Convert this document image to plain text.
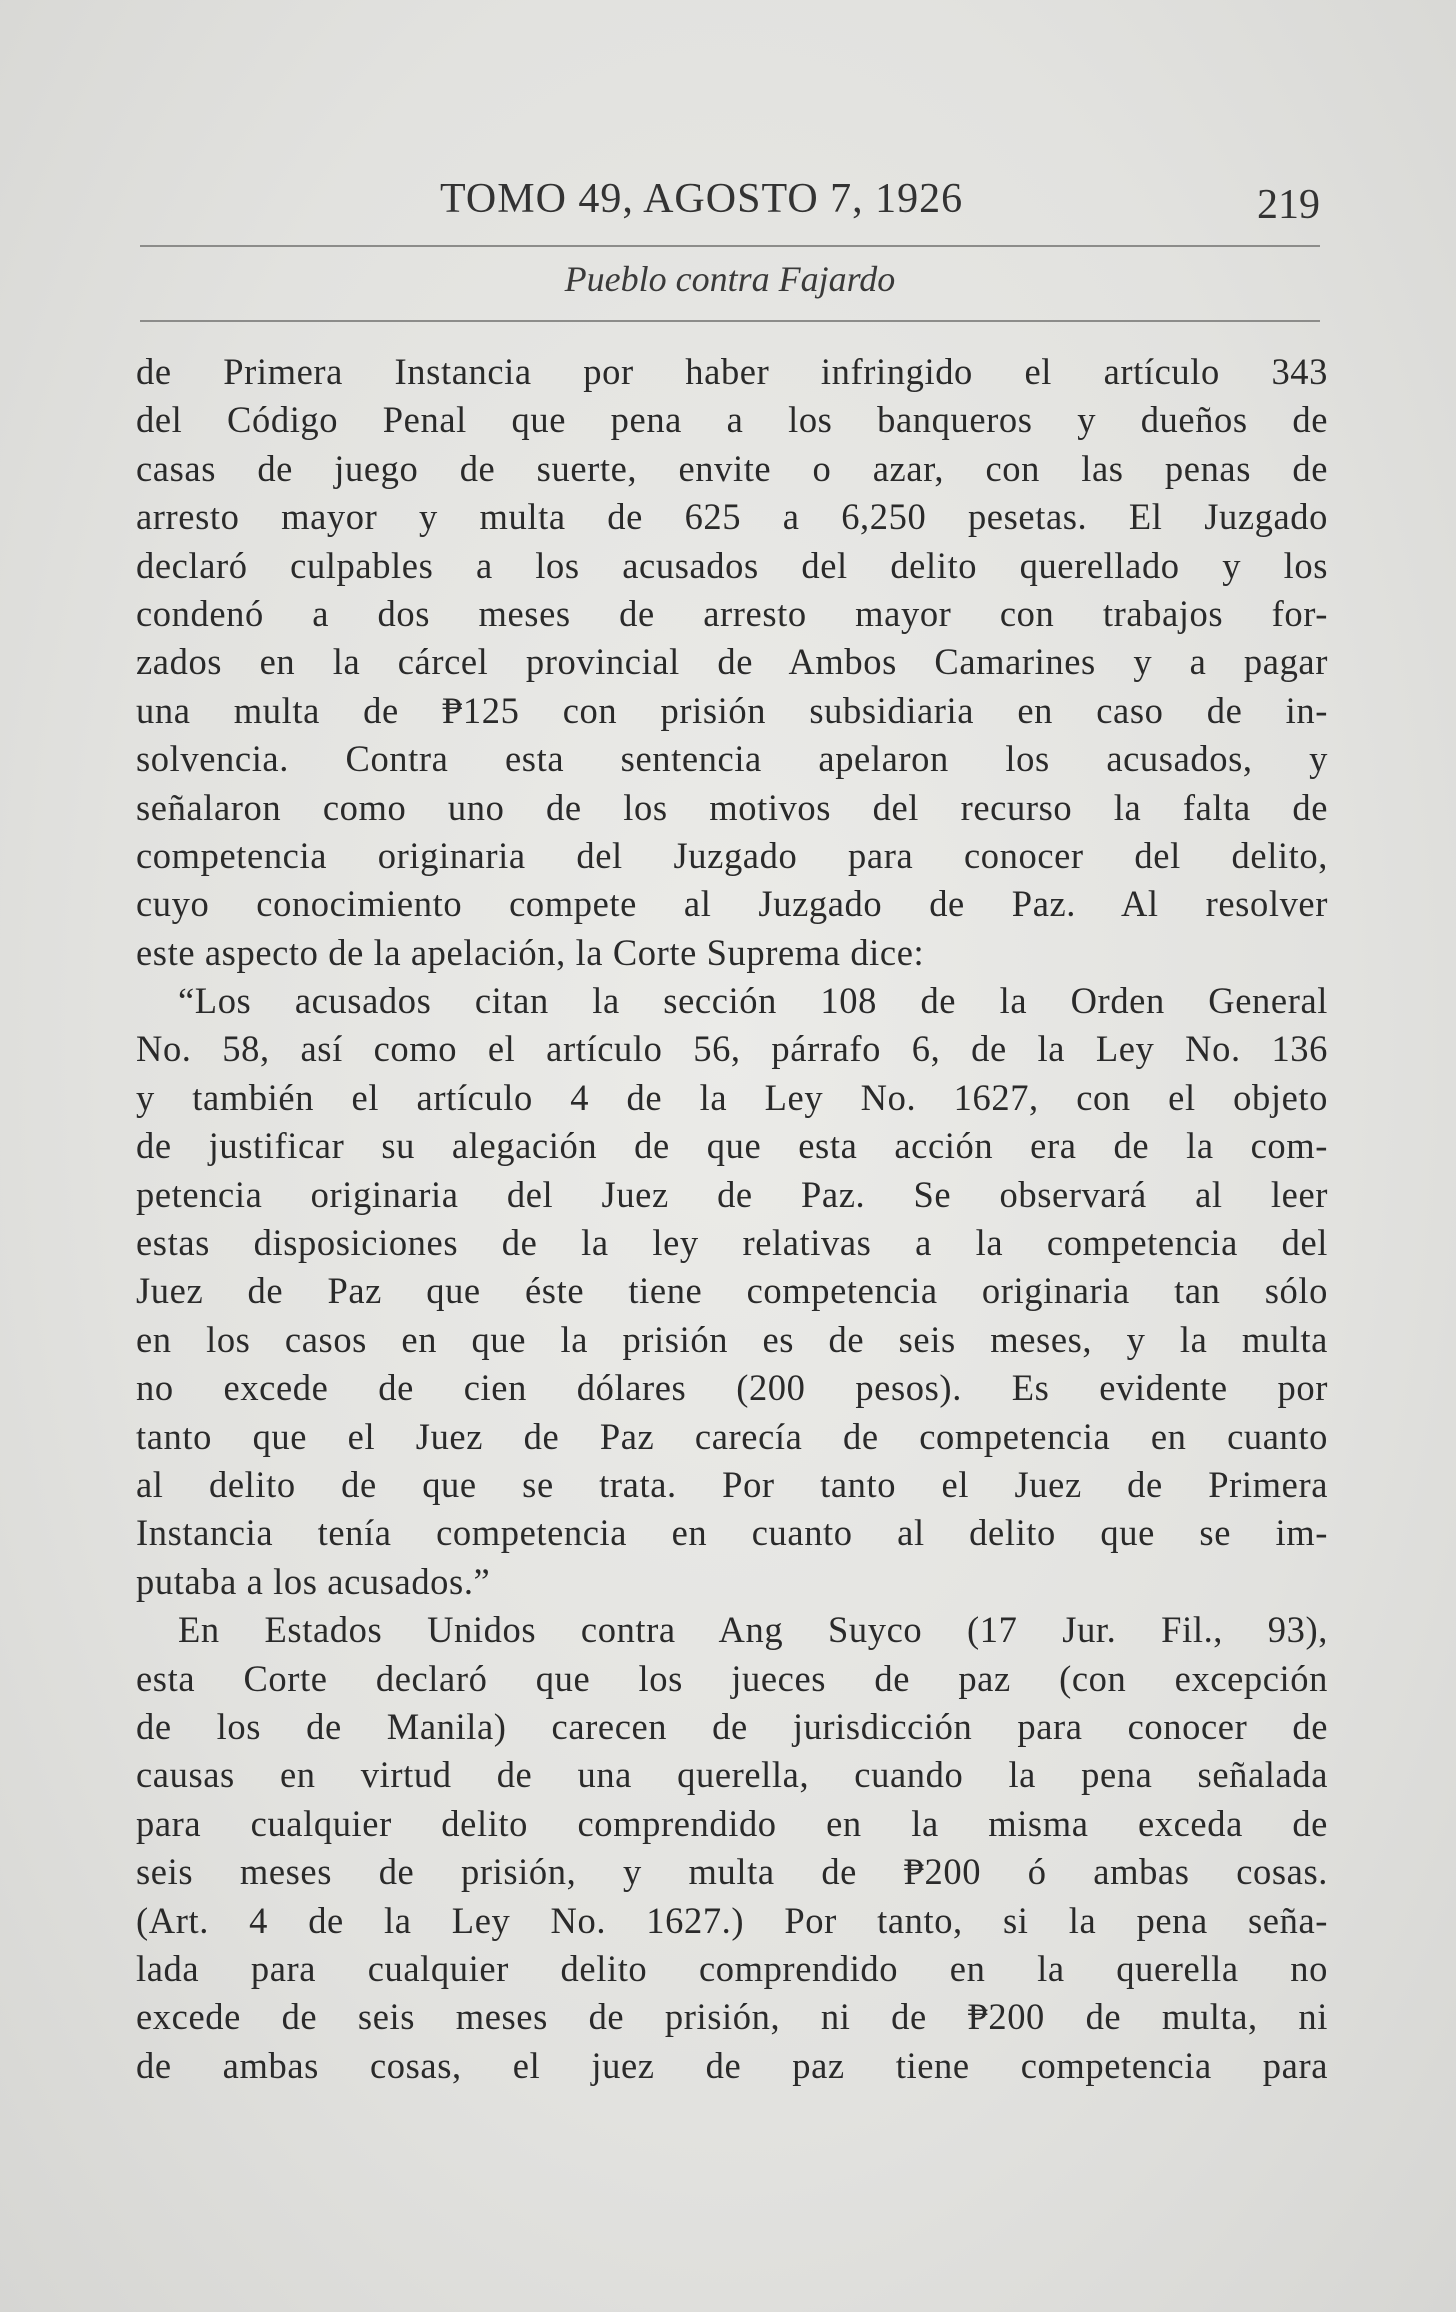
TOMO 49, AGOSTO 7, 1926	219
Pueblo contra Fajardo
de Primera Instancia por haber infringido el artículo 343
del Código Penal que pena a los banqueros y dueños de
casas de juego de suerte, envite o azar, con las penas de
arresto mayor y multa de 625 a 6,250 pesetas. El Juzgado
declaró culpables a los acusados del delito querellado y los
condenó a dos meses de arresto mayor con trabajos for-
zados en la cárcel provincial de Ambos Camarines y a pagar
una multa de ₱125 con prisión subsidiaria en caso de in-
solvencia. Contra esta sentencia apelaron los acusados, y
señalaron como uno de los motivos del recurso la falta de
competencia originaria del Juzgado para conocer del delito,
cuyo conocimiento compete al Juzgado de Paz. Al resolver
este aspecto de la apelación, la Corte Suprema dice:
“Los acusados citan la sección 108 de la Orden General
No. 58, así como el artículo 56, párrafo 6, de la Ley No. 136
y también el artículo 4 de la Ley No. 1627, con el objeto
de justificar su alegación de que esta acción era de la com-
petencia originaria del Juez de Paz. Se observará al leer
estas disposiciones de la ley relativas a la competencia del
Juez de Paz que éste tiene competencia originaria tan sólo
en los casos en que la prisión es de seis meses, y la multa
no excede de cien dólares (200 pesos). Es evidente por
tanto que el Juez de Paz carecía de competencia en cuanto
al delito de que se trata. Por tanto el Juez de Primera
Instancia tenía competencia en cuanto al delito que se im-
putaba a los acusados.”
En Estados Unidos contra Ang Suyco (17 Jur. Fil., 93),
esta Corte declaró que los jueces de paz (con excepción
de los de Manila) carecen de jurisdicción para conocer de
causas en virtud de una querella, cuando la pena señalada
para cualquier delito comprendido en la misma exceda de
seis meses de prisión, y multa de ₱200 ó ambas cosas.
(Art. 4 de la Ley No. 1627.) Por tanto, si la pena seña-
lada para cualquier delito comprendido en la querella no
excede de seis meses de prisión, ni de ₱200 de multa, ni
de ambas cosas, el juez de paz tiene competencia para
